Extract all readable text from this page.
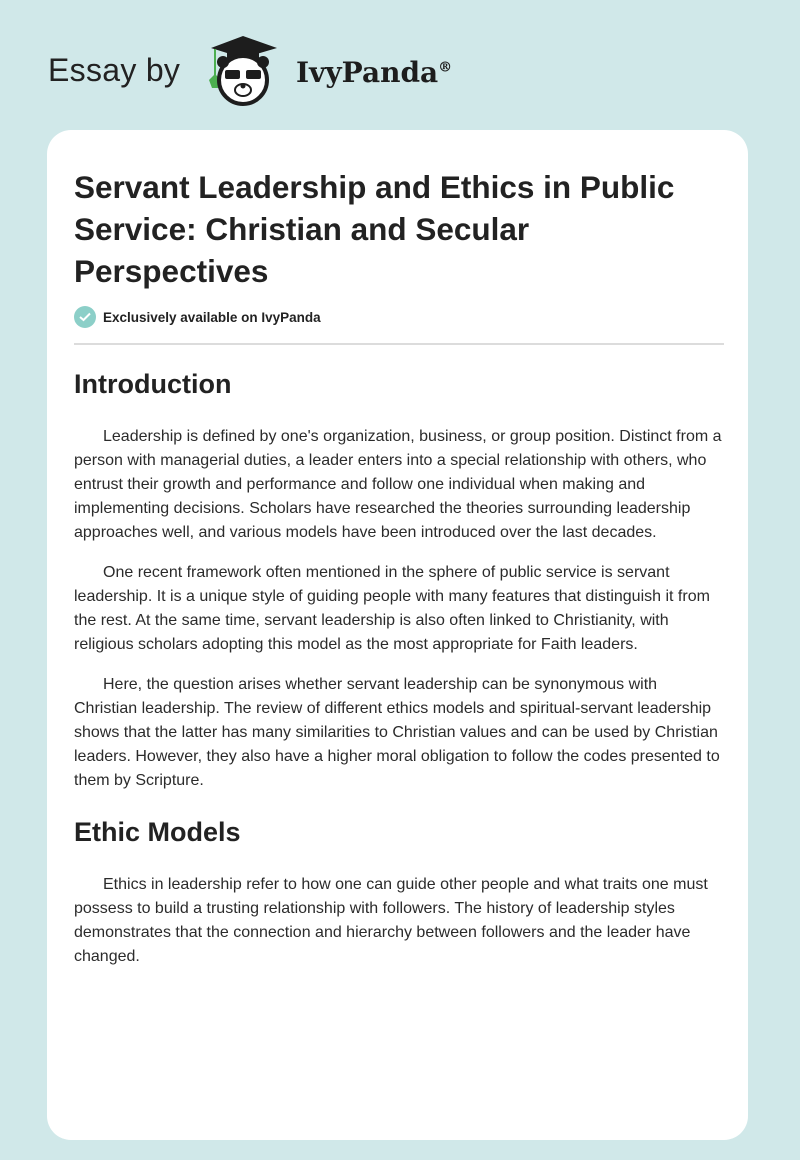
Essay by	IvyPanda®
Servant Leadership and Ethics in Public Service: Christian and Secular Perspectives
Exclusively available on IvyPanda
Introduction

Leadership is defined by one's organization, business, or group position. Distinct from a person with managerial duties, a leader enters into a special relationship with others, who entrust their growth and performance and follow one individual when making and implementing decisions. Scholars have researched the theories surrounding leadership approaches well, and various models have been introduced over the last decades.

One recent framework often mentioned in the sphere of public service is servant leadership. It is a unique style of guiding people with many features that distinguish it from the rest. At the same time, servant leadership is also often linked to Christianity, with religious scholars adopting this model as the most appropriate for Faith leaders.

Here, the question arises whether servant leadership can be synonymous with Christian leadership. The review of different ethics models and spiritual-servant leadership shows that the latter has many similarities to Christian values and can be used by Christian leaders. However, they also have a higher moral obligation to follow the codes presented to them by Scripture.

Ethic Models

Ethics in leadership refer to how one can guide other people and what traits one must possess to build a trusting relationship with followers. The history of leadership styles demonstrates that the connection and hierarchy between followers and the leader have changed.
